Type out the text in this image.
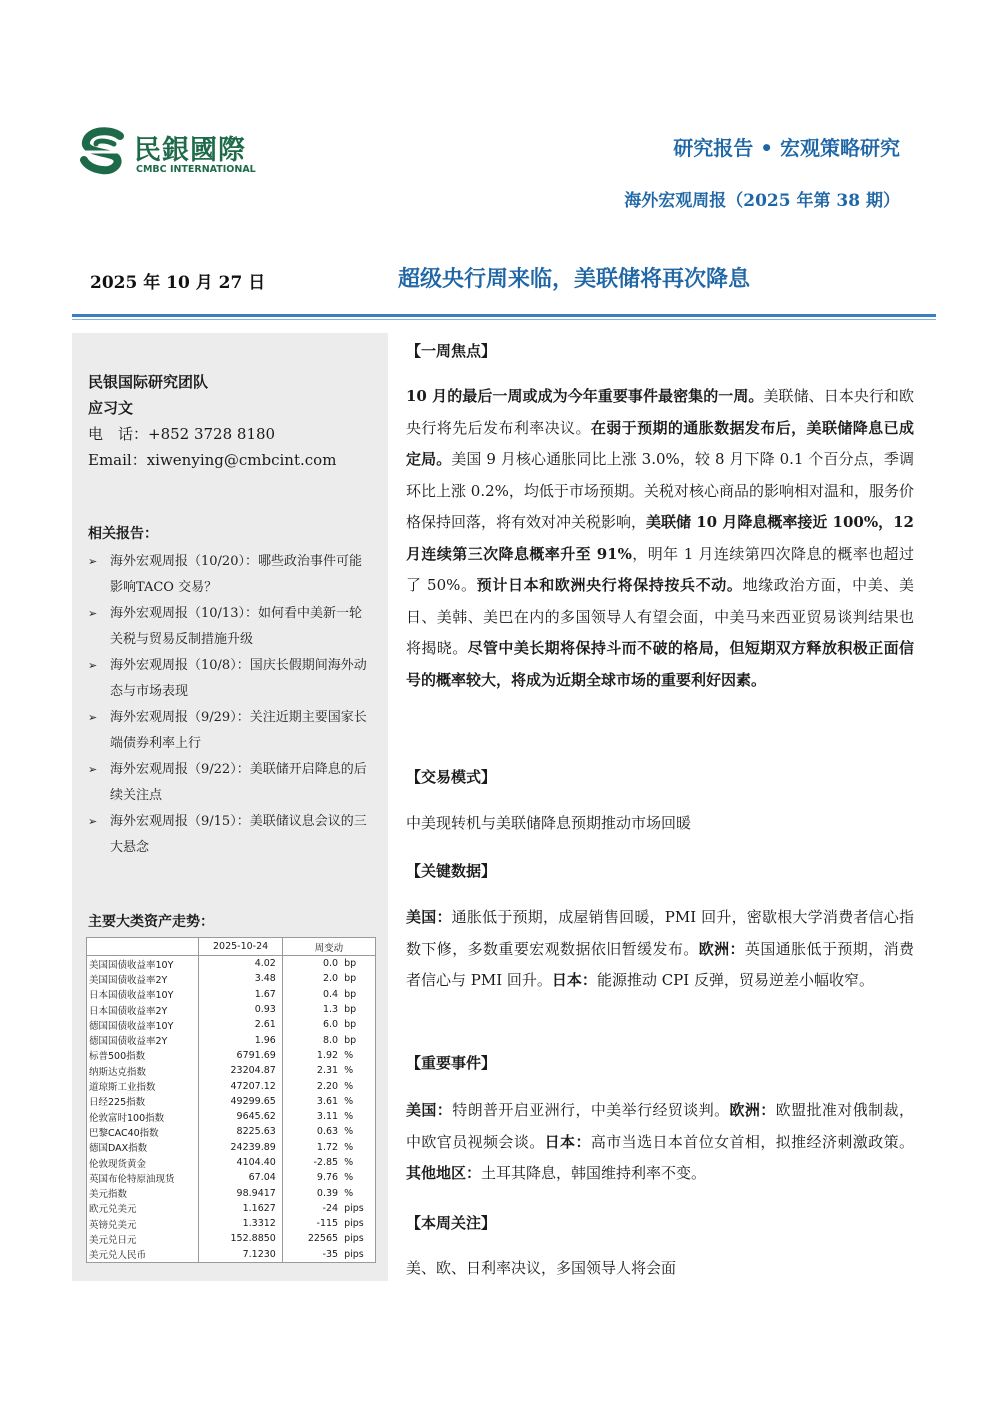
民銀國際
CMBC INTERNATIONAL
研究报告 • 宏观策略研究
海外宏观周报（2025 年第 38 期）
2025 年 10 月 27 日	超级央行周来临，美联储将再次降息
民银国际研究团队
应习文
电　话：+852 3728 8180
Email：xiwenying@cmbcint.com
相关报告：
➢ 海外宏观周报（10/20）：哪些政治事件可能影响TACO 交易？
➢ 海外宏观周报（10/13）：如何看中美新一轮关税与贸易反制措施升级
➢ 海外宏观周报（10/8）：国庆长假期间海外动态与市场表现
➢ 海外宏观周报（9/29）：关注近期主要国家长端债券利率上行
➢ 海外宏观周报（9/22）：美联储开启降息的后续关注点
➢ 海外宏观周报（9/15）：美联储议息会议的三大悬念
主要大类资产走势：
	2025-10-24	周变动	
美国国债收益率10Y	4.02	0.0	bp
美国国债收益率2Y	3.48	2.0	bp
日本国债收益率10Y	1.67	0.4	bp
日本国债收益率2Y	0.93	1.3	bp
德国国债收益率10Y	2.61	6.0	bp
德国国债收益率2Y	1.96	8.0	bp
标普500指数	6791.69	1.92	%
纳斯达克指数	23204.87	2.31	%
道琼斯工业指数	47207.12	2.20	%
日经225指数	49299.65	3.61	%
伦敦富时100指数	9645.62	3.11	%
巴黎CAC40指数	8225.63	0.63	%
德国DAX指数	24239.89	1.72	%
伦敦现货黄金	4104.40	-2.85	%
英国布伦特原油现货	67.04	9.76	%
美元指数	98.9417	0.39	%
欧元兑美元	1.1627	-24	pips
英镑兑美元	1.3312	-115	pips
美元兑日元	152.8850	22565	pips
美元兑人民币	7.1230	-35	pips
【一周焦点】
10 月的最后一周或成为今年重要事件最密集的一周。美联储、日本央行和欧央行将先后发布利率决议。在弱于预期的通胀数据发布后，美联储降息已成定局。美国 9 月核心通胀同比上涨 3.0%，较 8 月下降 0.1 个百分点，季调环比上涨 0.2%，均低于市场预期。关税对核心商品的影响相对温和，服务价格保持回落，将有效对冲关税影响，美联储 10 月降息概率接近 100%，12 月连续第三次降息概率升至 91%，明年 1 月连续第四次降息的概率也超过了 50%。预计日本和欧洲央行将保持按兵不动。地缘政治方面，中美、美日、美韩、美巴在内的多国领导人有望会面，中美马来西亚贸易谈判结果也将揭晓。尽管中美长期将保持斗而不破的格局，但短期双方释放积极正面信号的概率较大，将成为近期全球市场的重要利好因素。
【交易模式】
中美现转机与美联储降息预期推动市场回暖
【关键数据】
美国：通胀低于预期，成屋销售回暖，PMI 回升，密歇根大学消费者信心指数下修，多数重要宏观数据依旧暂缓发布。欧洲：英国通胀低于预期，消费者信心与 PMI 回升。日本：能源推动 CPI 反弹，贸易逆差小幅收窄。
【重要事件】
美国：特朗普开启亚洲行，中美举行经贸谈判。欧洲：欧盟批准对俄制裁，中欧官员视频会谈。日本：高市当选日本首位女首相，拟推经济刺激政策。其他地区：土耳其降息，韩国维持利率不变。
【本周关注】
美、欧、日利率决议，多国领导人将会面
